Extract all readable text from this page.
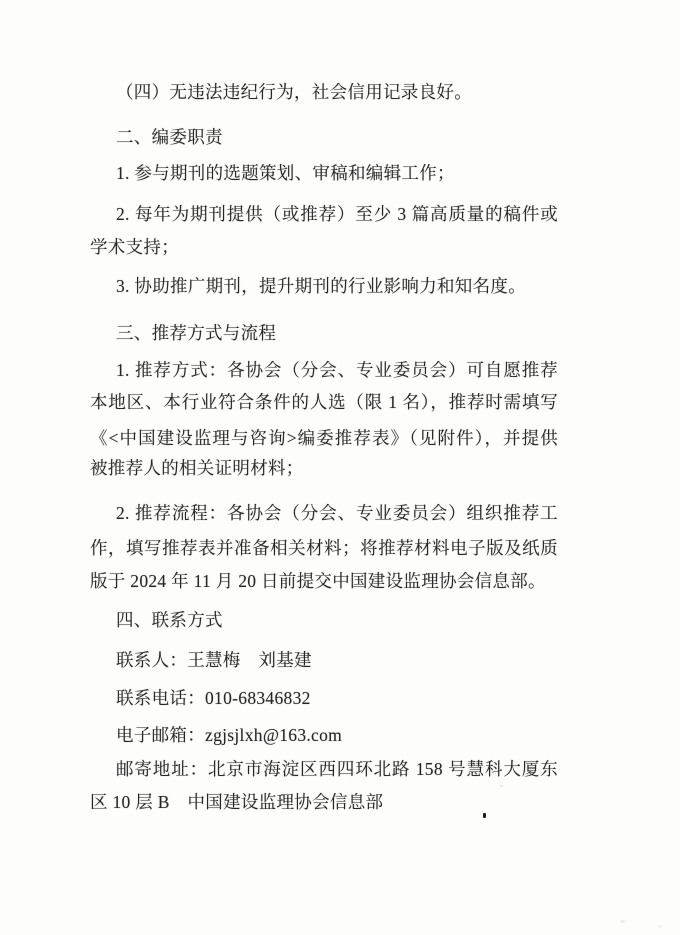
（四）无违法违纪行为，社会信用记录良好。
二、编委职责
1. 参与期刊的选题策划、审稿和编辑工作；
2. 每年为期刊提供（或推荐）至少 3 篇高质量的稿件或
学术支持；
3. 协助推广期刊，提升期刊的行业影响力和知名度。
三、推荐方式与流程
1. 推荐方式：各协会（分会、专业委员会）可自愿推荐
本地区、本行业符合条件的人选（限 1 名），推荐时需填写
《<中国建设监理与咨询>编委推荐表》（见附件），并提供
被推荐人的相关证明材料；
2. 推荐流程：各协会（分会、专业委员会）组织推荐工
作，填写推荐表并准备相关材料；将推荐材料电子版及纸质
版于 2024 年 11 月 20 日前提交中国建设监理协会信息部。
四、联系方式
联系人：王慧梅　刘基建
联系电话：010-68346832
电子邮箱：zgjsjlxh@163.com
邮寄地址：北京市海淀区西四环北路 158 号慧科大厦东
区 10 层 B　中国建设监理协会信息部
